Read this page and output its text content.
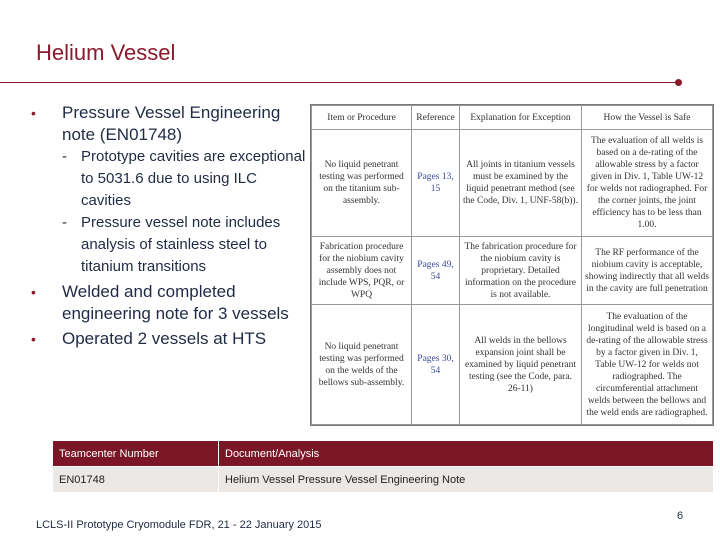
Helium Vessel
• Pressure Vessel Engineering note (EN01748)
- Prototype cavities are exceptional to 5031.6 due to using ILC cavities
- Pressure vessel note includes analysis of stainless steel to titanium transitions
• Welded and completed engineering note for 3 vessels
• Operated 2 vessels at HTS
Item or Procedure	Reference	Explanation for Exception	How the Vessel is Safe
No liquid penetrant testing was performed on the titanium sub-assembly.	Pages 13, 15	All joints in titanium vessels must be examined by the liquid penetrant method (see the Code, Div. 1, UNF-58(b)).	The evaluation of all welds is based on a de-rating of the allowable stress by a factor given in Div. 1, Table UW-12 for welds not radiographed. For the corner joints, the joint efficiency has to be less than 1.00.
Fabrication procedure for the niobium cavity assembly does not include WPS, PQR, or WPQ	Pages 49, 54	The fabrication procedure for the niobium cavity is proprietary. Detailed information on the procedure is not available.	The RF performance of the niobium cavity is acceptable, showing indirectly that all welds in the cavity are full penetration
No liquid penetrant testing was performed on the welds of the bellows sub-assembly.	Pages 30, 54	All welds in the bellows expansion joint shall be examined by liquid penetrant testing (see the Code, para. 26-11)	The evaluation of the longitudinal weld is based on a de-rating of the allowable stress by a factor given in Div. 1, Table UW-12 for welds not radiographed. The circumferential attachment welds between the bellows and the weld ends are radiographed.
Teamcenter Number	Document/Analysis
EN01748	Helium Vessel Pressure Vessel Engineering Note
LCLS-II Prototype Cryomodule FDR, 21 - 22 January 2015
6
